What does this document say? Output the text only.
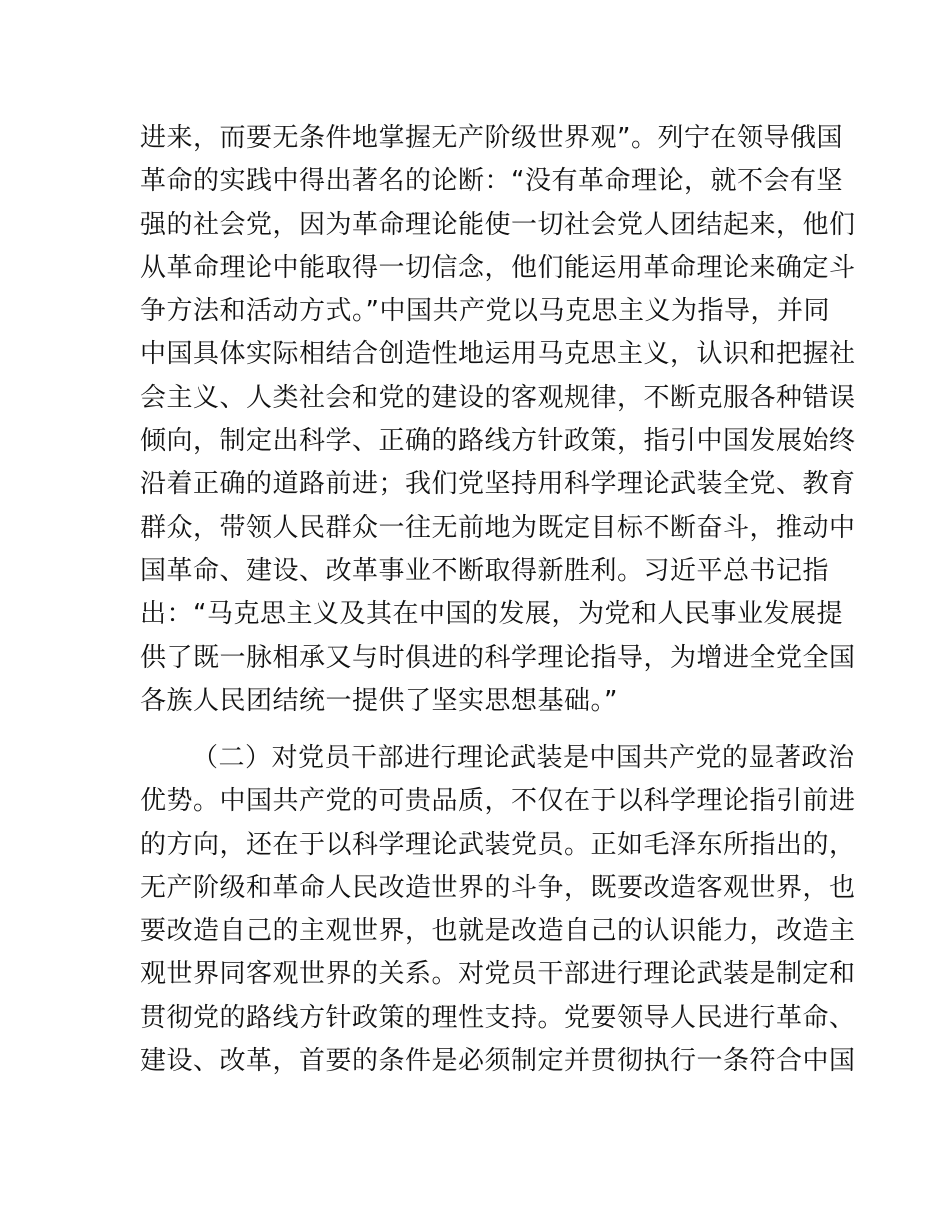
进来，而要无条件地掌握无产阶级世界观”。列宁在领导俄国
革命的实践中得出著名的论断：“没有革命理论，就不会有坚
强的社会党，因为革命理论能使一切社会党人团结起来，他们
从革命理论中能取得一切信念，他们能运用革命理论来确定斗
争方法和活动方式。”中国共产党以马克思主义为指导，并同
中国具体实际相结合创造性地运用马克思主义，认识和把握社
会主义、人类社会和党的建设的客观规律，不断克服各种错误
倾向，制定出科学、正确的路线方针政策，指引中国发展始终
沿着正确的道路前进；我们党坚持用科学理论武装全党、教育
群众，带领人民群众一往无前地为既定目标不断奋斗，推动中
国革命、建设、改革事业不断取得新胜利。习近平总书记指
出：“马克思主义及其在中国的发展，为党和人民事业发展提
供了既一脉相承又与时俱进的科学理论指导，为增进全党全国
各族人民团结统一提供了坚实思想基础。”
（二）对党员干部进行理论武装是中国共产党的显著政治
优势。中国共产党的可贵品质，不仅在于以科学理论指引前进
的方向，还在于以科学理论武装党员。正如毛泽东所指出的，
无产阶级和革命人民改造世界的斗争，既要改造客观世界，也
要改造自己的主观世界，也就是改造自己的认识能力，改造主
观世界同客观世界的关系。对党员干部进行理论武装是制定和
贯彻党的路线方针政策的理性支持。党要领导人民进行革命、
建设、改革，首要的条件是必须制定并贯彻执行一条符合中国
